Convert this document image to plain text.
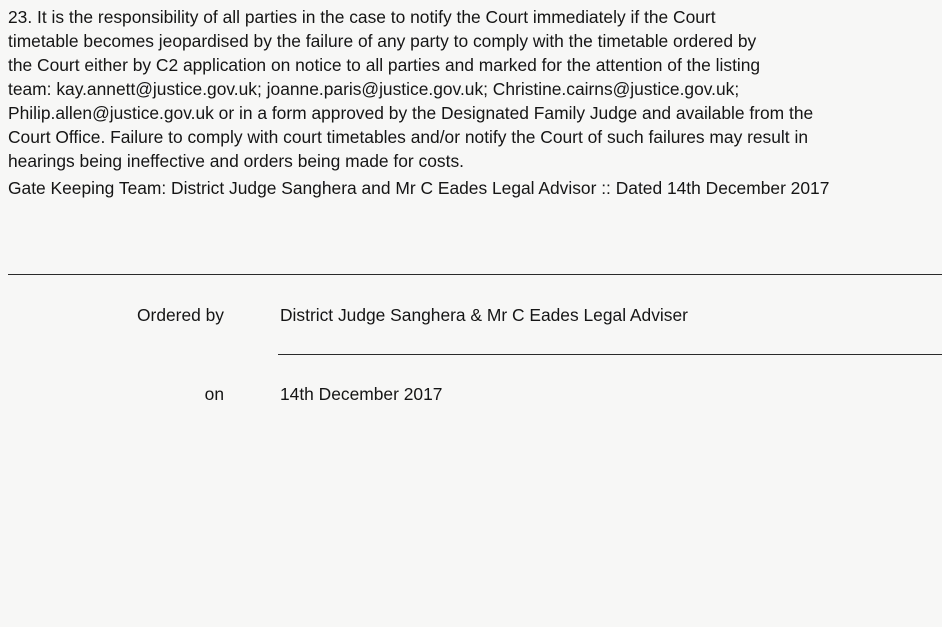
23. It is the responsibility of all parties in the case to notify the Court immediately if the Court
timetable becomes jeopardised by the failure of any party to comply with the timetable ordered by
the Court either by C2 application on notice to all parties and marked for the attention of the listing
team: kay.annett@justice.gov.uk; joanne.paris@justice.gov.uk; Christine.cairns@justice.gov.uk;
Philip.allen@justice.gov.uk or in a form approved by the Designated Family Judge and available from the
Court Office. Failure to comply with court timetables and/or notify the Court of such failures may result in
hearings being ineffective and orders being made for costs.

Gate Keeping Team: District Judge Sanghera and Mr C Eades Legal Advisor :: Dated 14th December 2017
Ordered by	District Judge Sanghera & Mr C Eades Legal Adviser
on	14th December 2017
